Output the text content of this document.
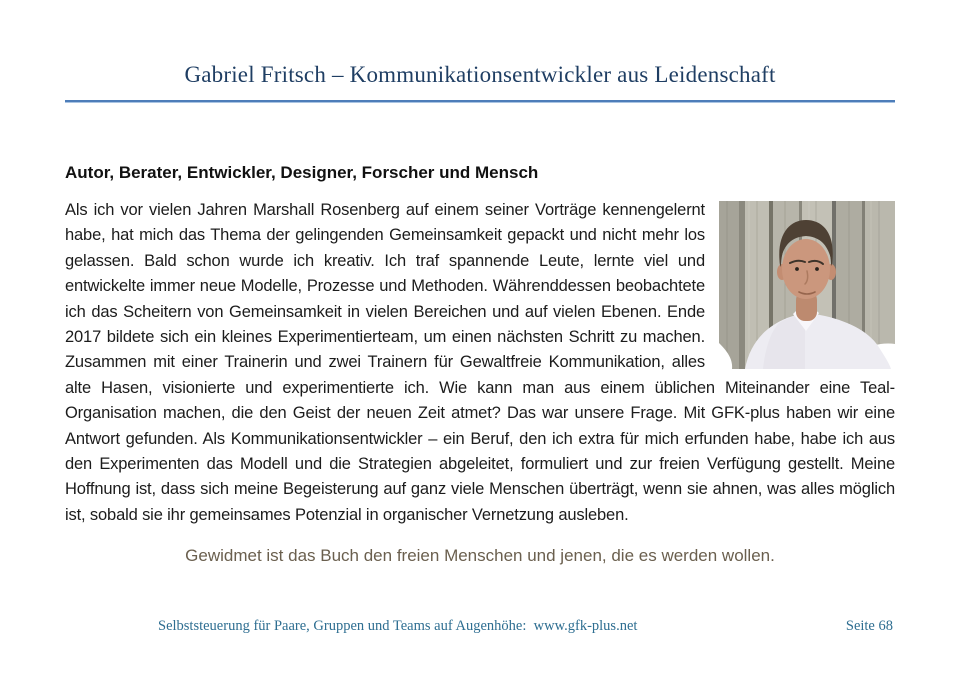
Gabriel Fritsch – Kommunikationsentwickler aus Leidenschaft
Autor, Berater, Entwickler, Designer, Forscher und Mensch

Als ich vor vielen Jahren Marshall Rosenberg auf einem seiner Vorträge kennengelernt habe, hat mich das Thema der gelingenden Gemeinsamkeit gepackt und nicht mehr los gelassen. Bald schon wurde ich kreativ. Ich traf spannende Leute, lernte viel und entwickelte immer neue Modelle, Prozesse und Methoden. Währenddessen beobachtete ich das Scheitern von Gemeinsamkeit in vielen Bereichen und auf vielen Ebenen. Ende 2017 bildete sich ein kleines Experimentierteam, um einen nächsten Schritt zu machen. Zusammen mit einer Trainerin und zwei Trainern für Gewaltfreie Kommunikation, alles alte Hasen, visionierte und experimentierte ich. Wie kann man aus einem üblichen Miteinander eine Teal-Organisation machen, die den Geist der neuen Zeit atmet? Das war unsere Frage. Mit GFK-plus haben wir eine Antwort gefunden. Als Kommunikationsentwickler – ein Beruf, den ich extra für mich erfunden habe, habe ich aus den Experimenten das Modell und die Strategien abgeleitet, formuliert und zur freien Verfügung gestellt. Meine Hoffnung ist, dass sich meine Begeisterung auf ganz viele Menschen überträgt, wenn sie ahnen, was alles möglich ist, sobald sie ihr gemeinsames Potenzial in organischer Vernetzung ausleben.

Gewidmet ist das Buch den freien Menschen und jenen, die es werden wollen.

Selbststeuerung für Paare, Gruppen und Teams auf Augenhöhe: www.gfk-plus.net	Seite 68
